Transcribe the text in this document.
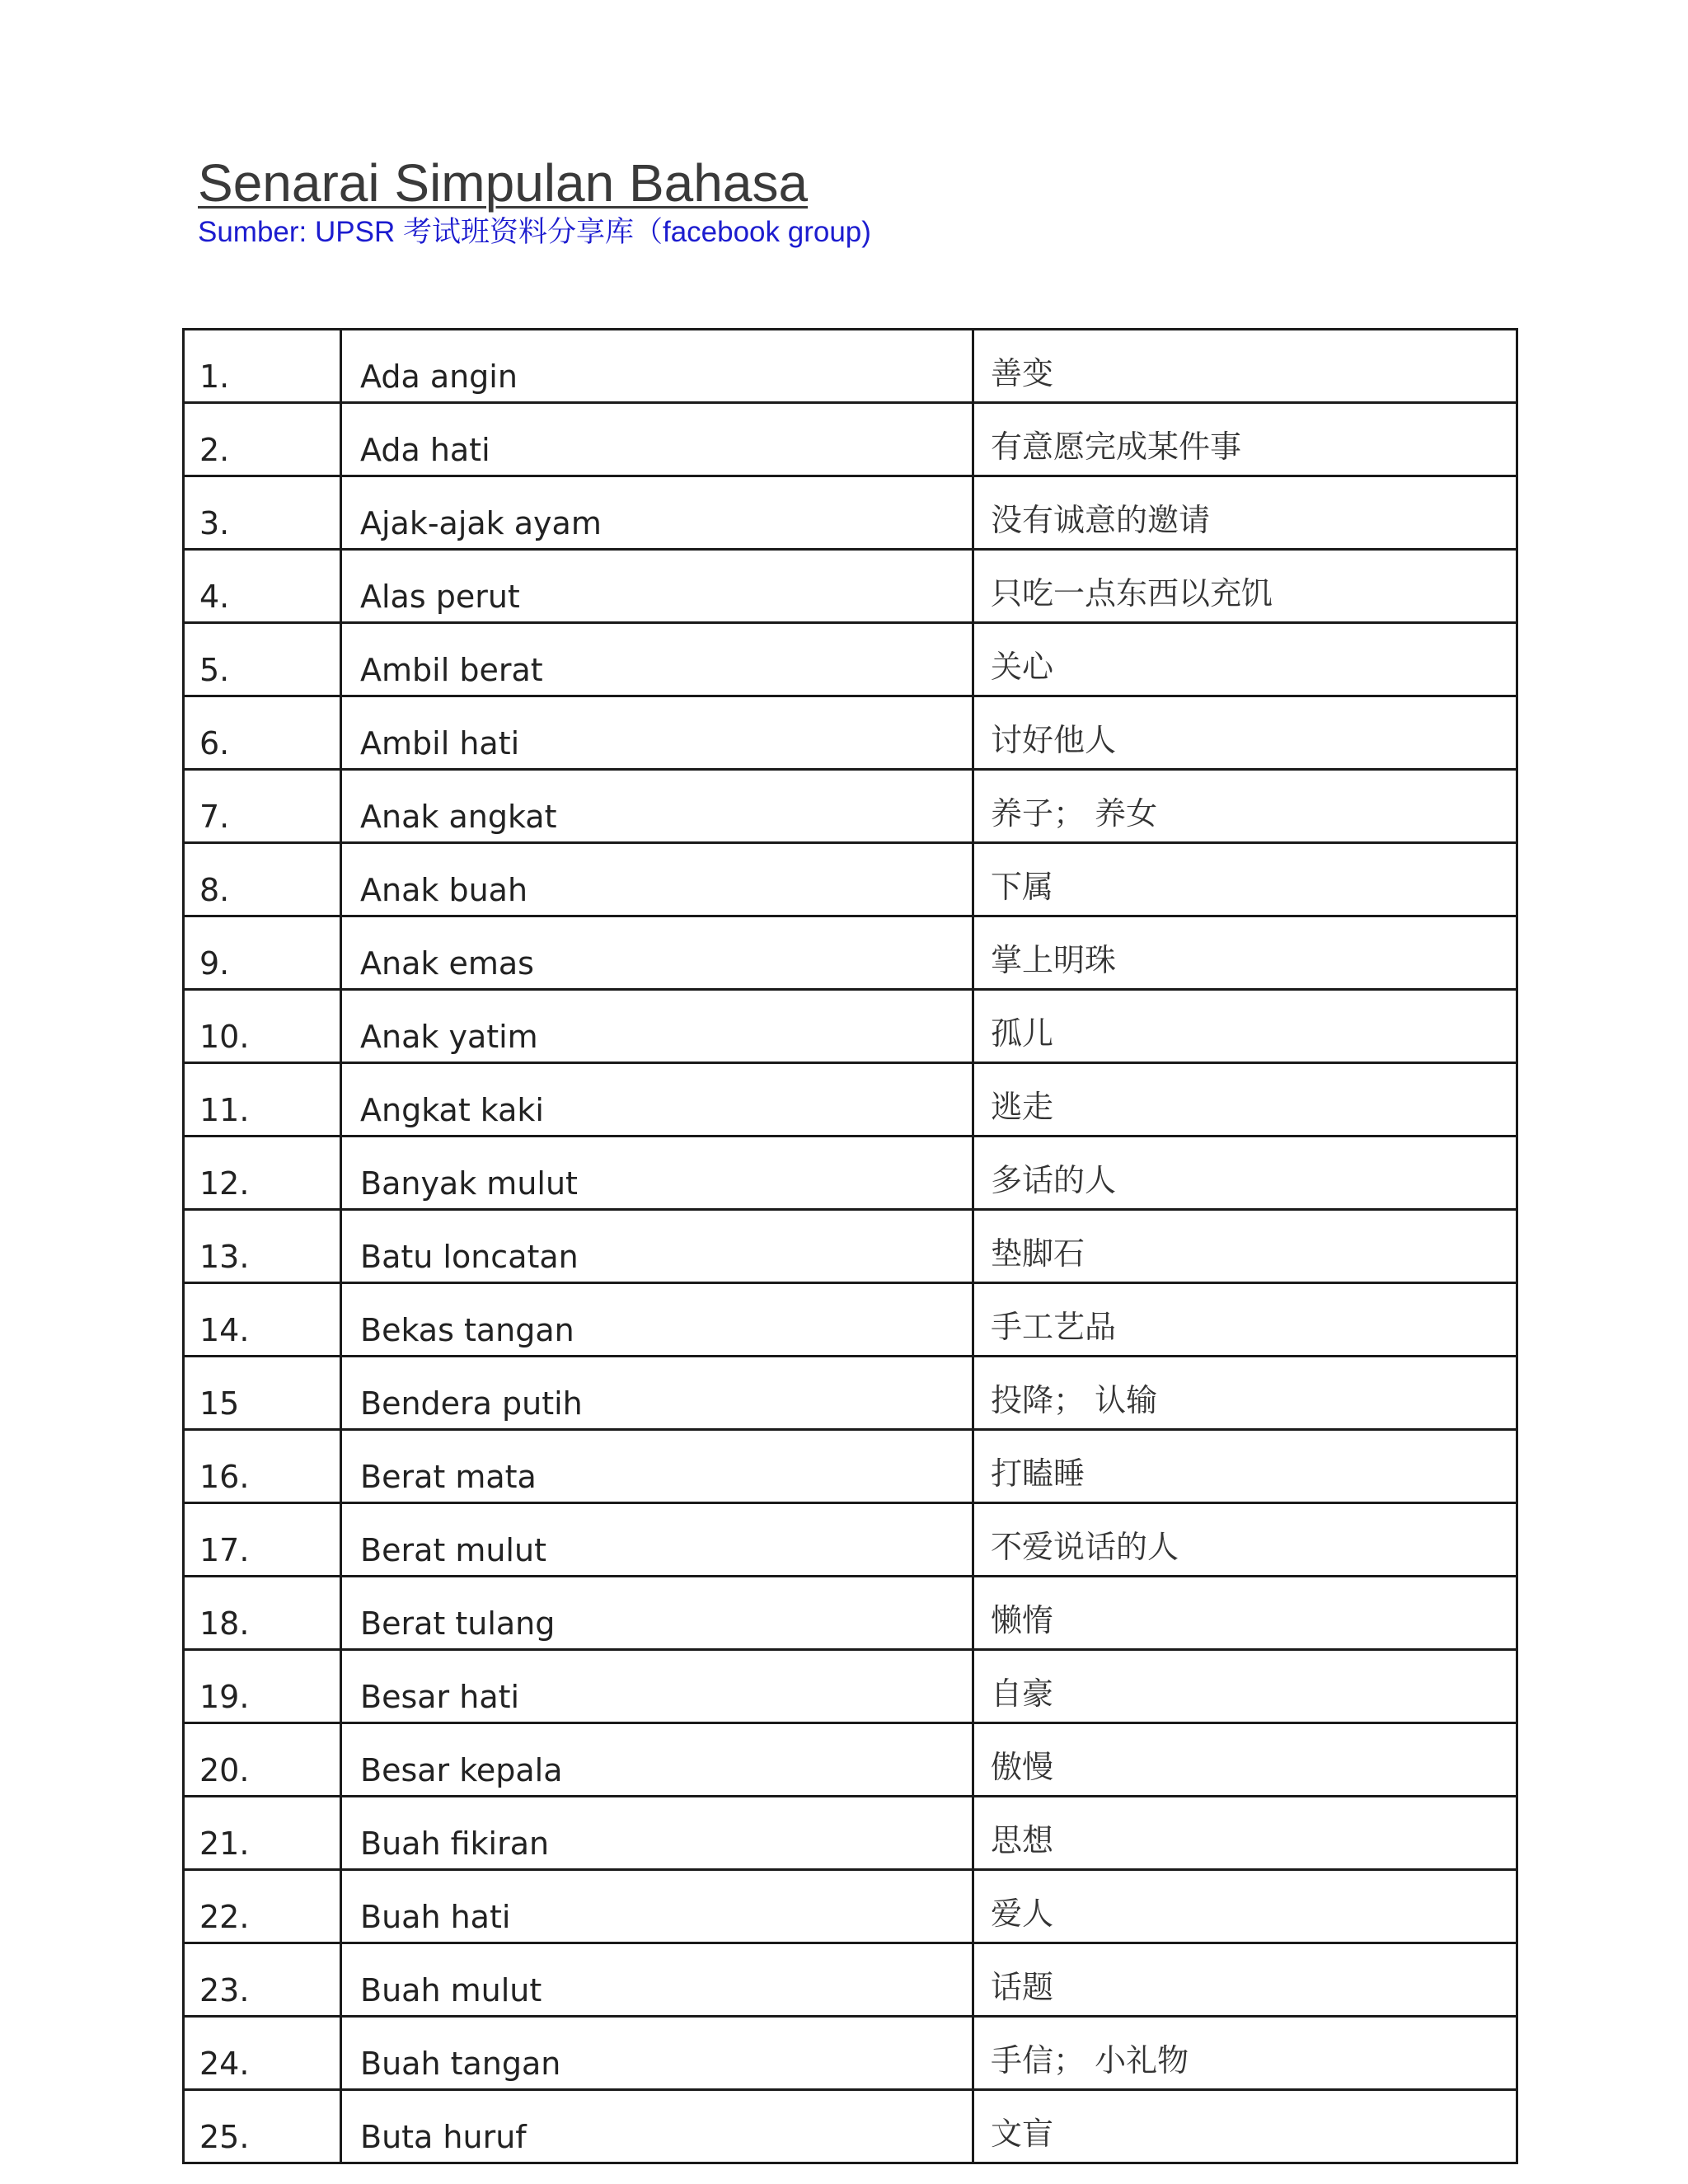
Senarai Simpulan Bahasa

Sumber: UPSR 考试班资料分享库（facebook group)

1.	Ada angin	善变
2.	Ada hati	有意愿完成某件事
3.	Ajak-ajak ayam	没有诚意的邀请
4.	Alas perut	只吃一点东西以充饥
5.	Ambil berat	关心
6.	Ambil hati	讨好他人
7.	Anak angkat	养子； 养女
8.	Anak buah	下属
9.	Anak emas	掌上明珠
10.	Anak yatim	孤儿
11.	Angkat kaki	逃走
12.	Banyak mulut	多话的人
13.	Batu loncatan	垫脚石
14.	Bekas tangan	手工艺品
15	Bendera putih	投降； 认输
16.	Berat mata	打瞌睡
17.	Berat mulut	不爱说话的人
18.	Berat tulang	懒惰
19.	Besar hati	自豪
20.	Besar kepala	傲慢
21.	Buah fikiran	思想
22.	Buah hati	爱人
23.	Buah mulut	话题
24.	Buah tangan	手信； 小礼物
25.	Buta huruf	文盲
